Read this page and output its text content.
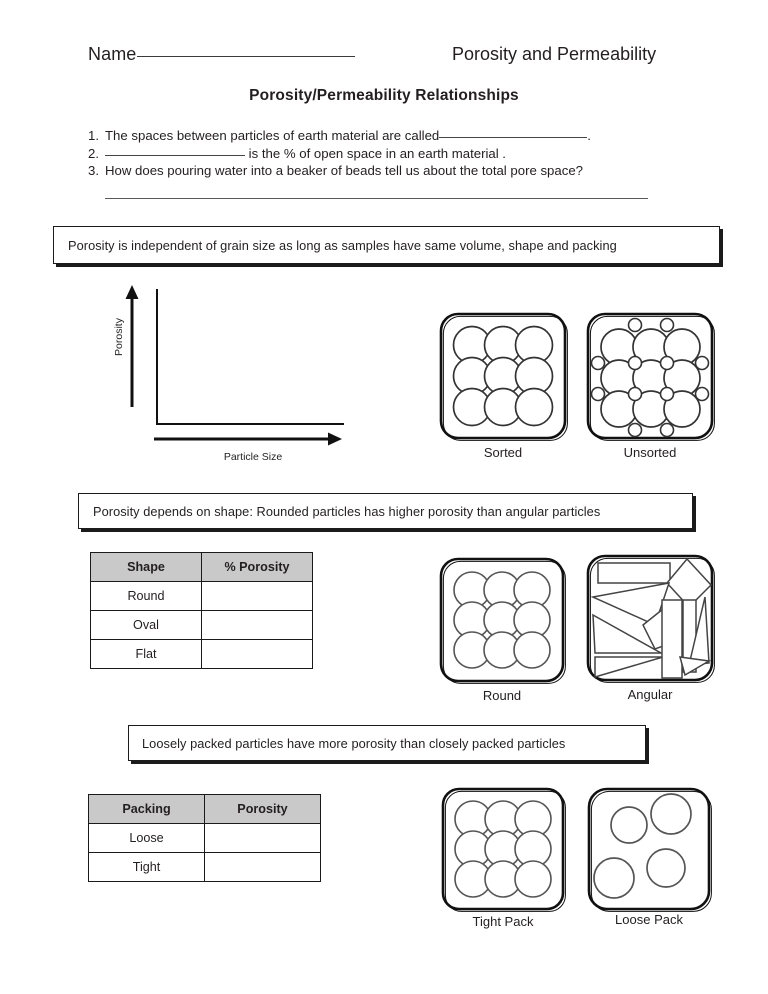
Name	Porosity and Permeability
Porosity/Permeability Relationships
1. The spaces between particles of earth material are called	.
2.	is the % of open space in an earth material .
3. How does pouring water into a beaker of beads tell us about the total pore space?
Porosity is independent of grain size as long as samples have same volume, shape and packing
Porosity
Particle Size	Sorted	Unsorted
Porosity depends on shape: Rounded particles has higher porosity than angular particles
Shape	% Porosity
Round	
Oval	
Flat	
Round	Angular
Loosely packed particles have more porosity than closely packed particles
Packing	Porosity
Loose	
Tight	
Tight Pack	Loose Pack
